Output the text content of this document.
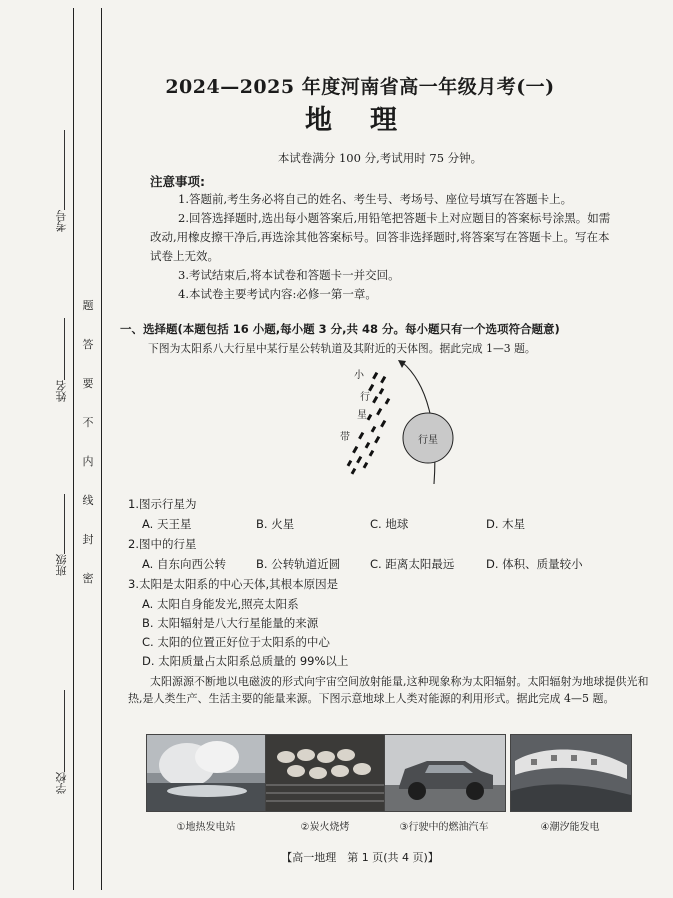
考号
姓名
班级
学校
题
答
要
不
内
线
封
密
2024—2025 年度河南省高一年级月考(一)
地理
本试卷满分 100 分,考试用时 75 分钟。
注意事项:
1.答题前,考生务必将自己的姓名、考生号、考场号、座位号填写在答题卡上。
2.回答选择题时,选出每小题答案后,用铅笔把答题卡上对应题目的答案标号涂黑。如需改动,用橡皮擦干净后,再选涂其他答案标号。回答非选择题时,将答案写在答题卡上。写在本试卷上无效。
3.考试结束后,将本试卷和答题卡一并交回。
4.本试卷主要考试内容:必修一第一章。
一、选择题(本题包括 16 小题,每小题 3 分,共 48 分。每小题只有一个选项符合题意)
下图为太阳系八大行星中某行星公转轨道及其附近的天体图。据此完成 1—3 题。
行星
小
行
星
带
1.图示行星为
A. 天王星	B. 火星	C. 地球	D. 木星
2.图中的行星
A. 自东向西公转	B. 公转轨道近圆	C. 距离太阳最远	D. 体积、质量较小
3.太阳是太阳系的中心天体,其根本原因是
A. 太阳自身能发光,照亮太阳系
B. 太阳辐射是八大行星能量的来源
C. 太阳的位置正好位于太阳系的中心
D. 太阳质量占太阳系总质量的 99%以上
太阳源源不断地以电磁波的形式向宇宙空间放射能量,这种现象称为太阳辐射。太阳辐射为地球提供光和热,是人类生产、生活主要的能量来源。下图示意地球上人类对能源的利用形式。据此完成 4—5 题。
①地热发电站	②炭火烧烤	③行驶中的燃油汽车	④潮汐能发电
【高一地理　第 1 页(共 4 页)】
